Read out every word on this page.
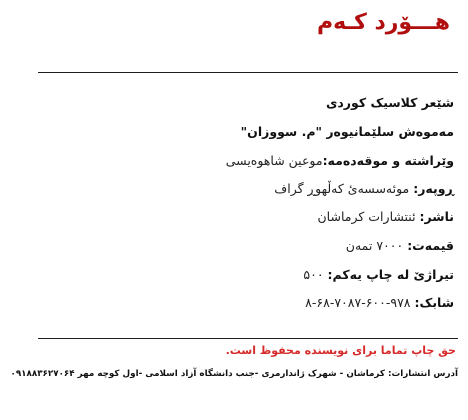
هـــۆرد کـه‌م
شێعر کلاسیک کوردی
مەموەش سلێمانیوەر "م. سووزان"
وێراشته و موقەدەمه:موعین شاهوەیسی
ڕوپەر: موئەسسەیٔ کەڵهوڕ گراف
ناشر: ئنتشارات کرماشان
قیمەت: ۷۰۰۰ تمەن
تیراژێ لە چاپ یەکم: ۵۰۰
شابک: ۹۷۸-۶۰۰-۷۰۸۷-۶۸-۸
حق چاپ تماما برای نویسنده محفوظ است.
آدرس انتشارات: کرماشان - شهرک ژاندارمری -جنب دانشگاه آزاد اسلامی -اول کوچه مهر ۰۹۱۸۸۳۶۲۷۰۶۴
